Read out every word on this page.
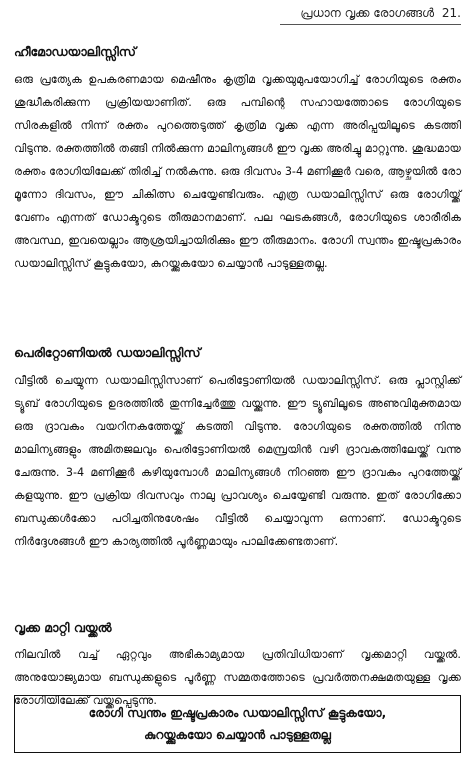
പ്രധാന വൃക്ക രോഗങ്ങൾ 21.
ഹീമോഡയാലിസ്സിസ്

ഒരു പ്രത്യേക ഉപകരണമായ മെഷീനും കൃത്രിമ വൃക്കയുമുപയോഗിച്ച് രോഗിയുടെ രക്തം ശുദ്ധീകരിക്കുന്ന പ്രക്രിയയാണിത്. ഒരു പമ്പിന്റെ സഹായത്തോടെ രോഗിയുടെ സിരകളിൽ നിന്ന് രക്തം പുറത്തെടുത്ത് കൃത്രിമ വൃക്ക എന്ന അരിപ്പയിലൂടെ കടത്തി വിടുന്നു. രക്തത്തിൽ തങ്ങി നിൽക്കുന്ന മാലിന്യങ്ങൾ ഈ വൃക്ക അരിച്ചു മാറ്റുന്നു. ശുദ്ധമായ രക്തം രോഗിയിലേക്ക് തിരിച്ച് നൽകുന്നു. ഒരു ദിവസം 3-4 മണിക്കൂർ വരെ, ആഴ്ചയിൽ രോ മൂന്നോ ദിവസം, ഈ ചികിത്സ ചെയ്യേണ്ടിവരും. എത്ര ഡയാലിസ്സിസ് ഒരു രോഗിയ്ക്ക് വേണം എന്നത് ഡോക്ടറുടെ തീരുമാനമാണ്. പല ഘടകങ്ങൾ, രോഗിയുടെ ശാരീരിക അവസ്ഥ, ഇവയെല്ലാം ആശ്രയിച്ചായിരിക്കും ഈ തീരുമാനം. രോഗി സ്വന്തം ഇഷ്ടപ്രകാരം ഡയാലിസ്സിസ് കൂട്ടുകയോ, കുറയ്ക്കുകയോ ചെയ്യാൻ പാടുള്ളതല്ല.

പെരിറ്റോണിയൽ ഡയാലിസ്സിസ്

വീട്ടിൽ ചെയ്യുന്ന ഡയാലിസ്സിസാണ് പെരിട്ടോണിയൽ ഡയാലിസ്സിസ്. ഒരു പ്ലാസ്റ്റിക്ക് ട്യൂബ് രോഗിയുടെ ഉദരത്തിൽ തുന്നിച്ചേർത്തു വയ്ക്കുന്നു. ഈ ട്യൂബിലൂടെ അണുവിമുക്തമായ ഒരു ദ്രാവകം വയറിനകത്തേയ്ക്ക് കടത്തി വിടുന്നു. രോഗിയുടെ രക്തത്തിൽ നിന്നു മാലിന്യങ്ങളും അമിതജലവും പെരിട്ടോണിയൽ മെമ്പ്രയിൻ വഴി ദ്രാവകത്തിലേയ്ക്ക് വന്നു ചേരുന്നു. 3-4 മണിക്കൂർ കഴിയുമ്പോൾ മാലിന്യങ്ങൾ നിറഞ്ഞ ഈ ദ്രാവകം പുറത്തേയ്ക്ക് കളയുന്നു. ഈ പ്രക്രിയ ദിവസവും നാലു പ്രാവശ്യം ചെയ്യേണ്ടി വരുന്നു. ഇത് രോഗിക്കോ ബന്ധുക്കൾക്കോ പഠിച്ചതിനുശേഷം വീട്ടിൽ ചെയ്യാവുന്ന ഒന്നാണ്. ഡോക്ടറുടെ നിർദ്ദേശങ്ങൾ ഈ കാര്യത്തിൽ പൂർണ്ണമായും പാലിക്കേണ്ടതാണ്.

വൃക്ക മാറ്റി വയ്ക്കൽ

നിലവിൽ വച്ച് ഏറ്റവും അഭികാമ്യമായ പ്രതിവിധിയാണ് വൃക്കമാറ്റി വയ്ക്കൽ. അനുയോജ്യമായ ബന്ധുക്കളുടെ പൂർണ്ണ സമ്മതത്തോടെ പ്രവർത്തനക്ഷമതയുള്ള വൃക്ക രോഗിയിലേക്ക് വയ്ക്കപ്പെടുന്നു.

രോഗി സ്വന്തം ഇഷ്ടപ്രകാരം ഡയാലിസ്സിസ് കൂട്ടുകയോ,
കുറയ്ക്കുകയോ ചെയ്യാൻ പാടുള്ളതല്ല
